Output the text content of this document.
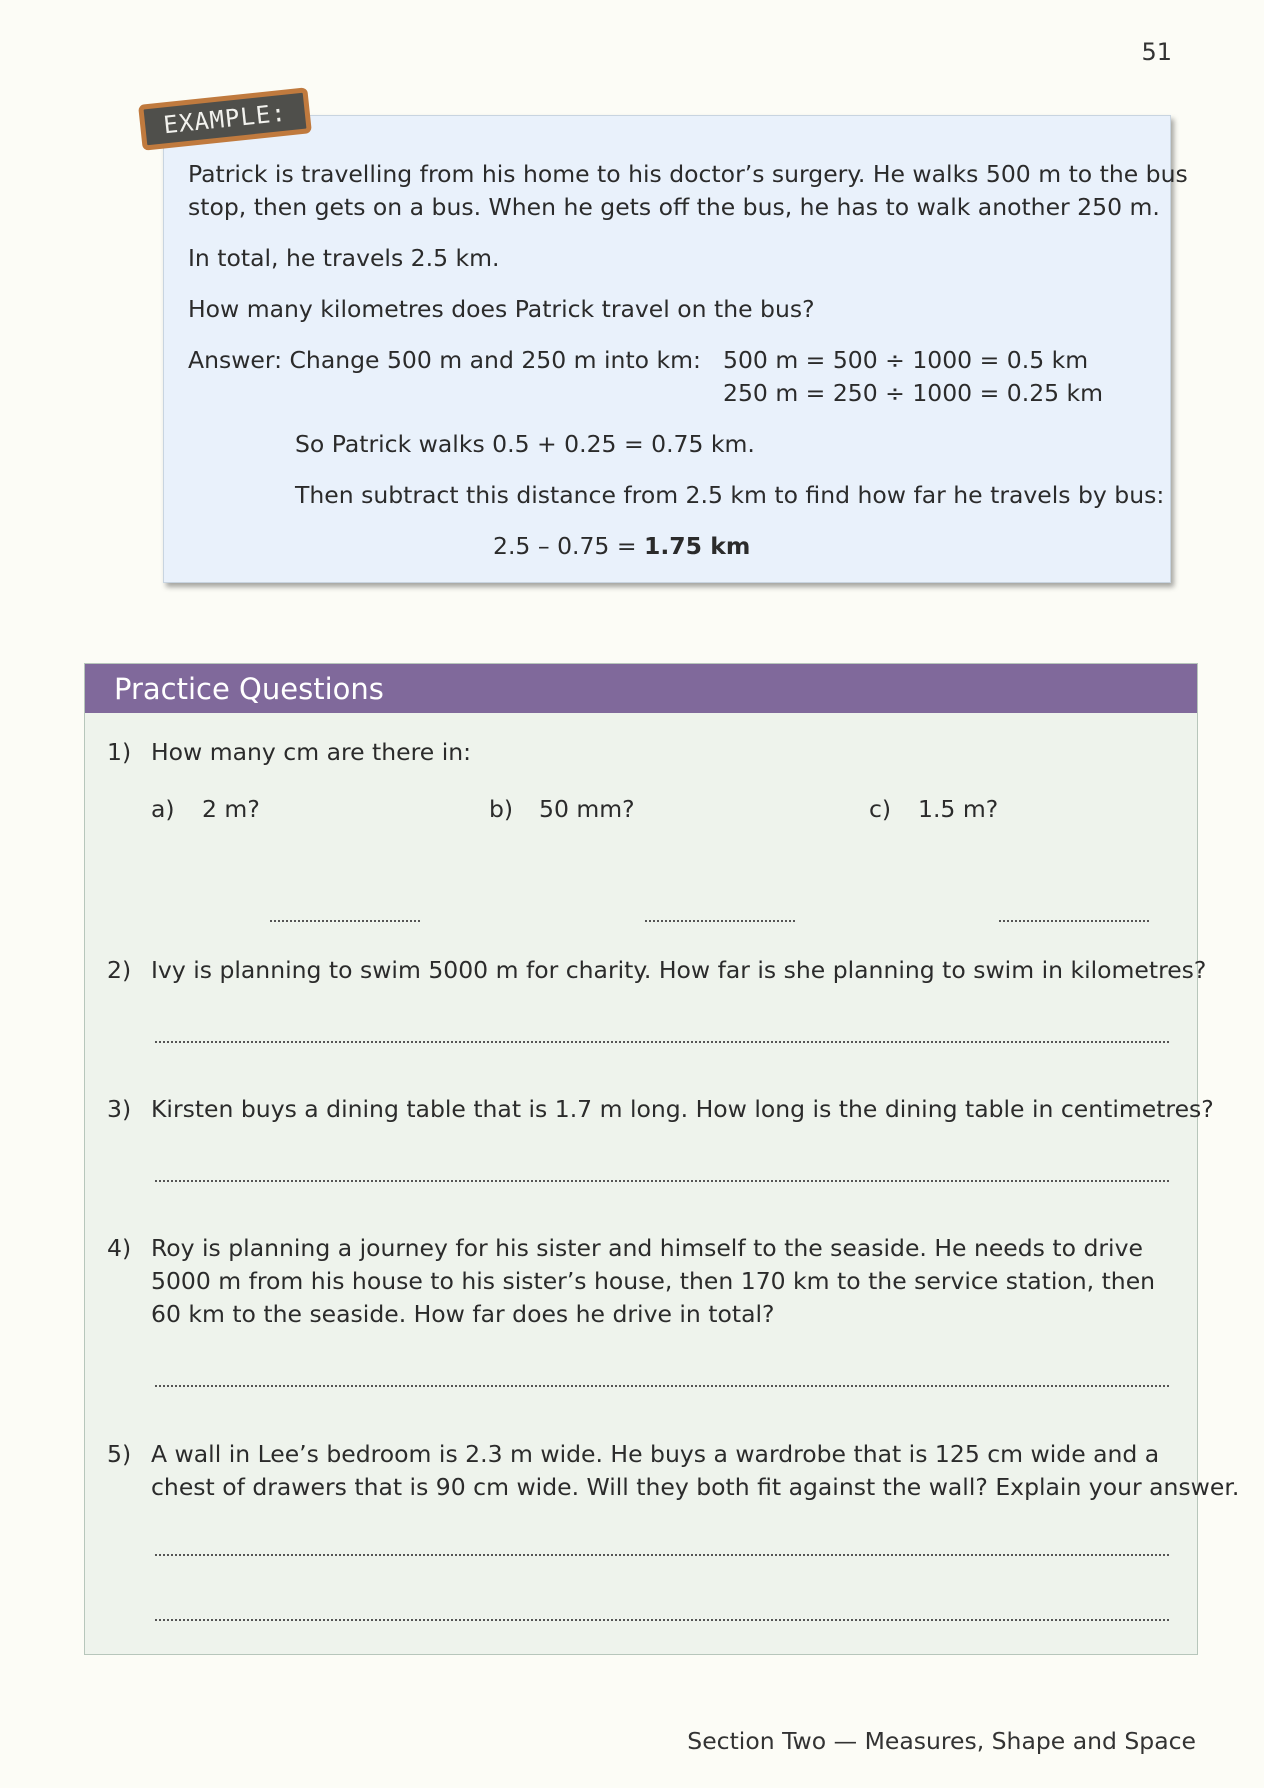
51
EXAMPLE:
Patrick is travelling from his home to his doctor’s surgery. He walks 500 m to the bus
stop, then gets on a bus. When he gets off the bus, he has to walk another 250 m.
In total, he travels 2.5 km.
How many kilometres does Patrick travel on the bus?
Answer: Change 500 m and 250 m into km: 500 m = 500 ÷ 1000 = 0.5 km
250 m = 250 ÷ 1000 = 0.25 km
So Patrick walks 0.5 + 0.25 = 0.75 km.
Then subtract this distance from 2.5 km to find how far he travels by bus:
2.5 – 0.75 = 1.75 km
Practice Questions
1) How many cm are there in:
a) 2 m?	b) 50 mm?	c) 1.5 m?
2) Ivy is planning to swim 5000 m for charity. How far is she planning to swim in kilometres?
3) Kirsten buys a dining table that is 1.7 m long. How long is the dining table in centimetres?
4) Roy is planning a journey for his sister and himself to the seaside. He needs to drive
5000 m from his house to his sister’s house, then 170 km to the service station, then
60 km to the seaside. How far does he drive in total?
5) A wall in Lee’s bedroom is 2.3 m wide. He buys a wardrobe that is 125 cm wide and a
chest of drawers that is 90 cm wide. Will they both fit against the wall? Explain your answer.
Section Two — Measures, Shape and Space
